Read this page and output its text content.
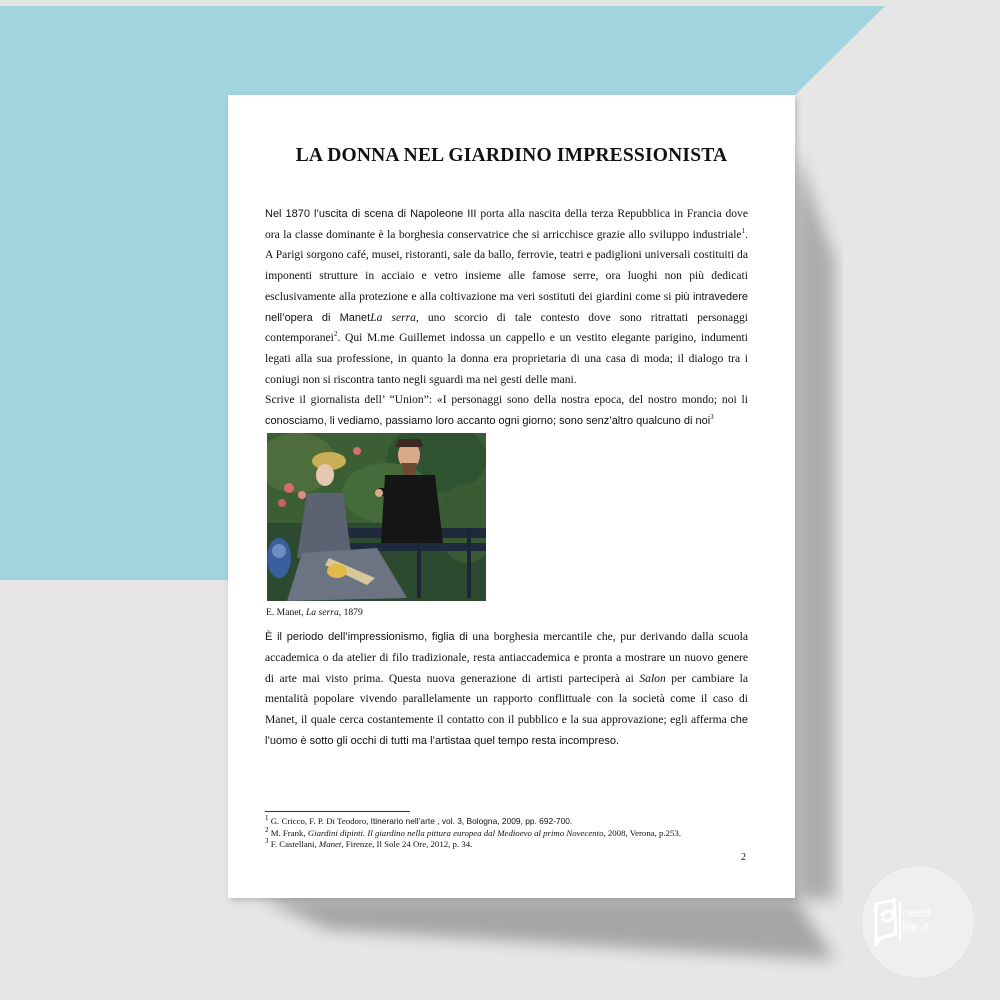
LA DONNA NEL GIARDINO IMPRESSIONISTA

Nel 1870 l’uscita di scena di Napoleone III porta alla nascita della terza Repubblica in Francia dove ora la classe dominante è la borghesia conservatrice che si arricchisce grazie allo sviluppo industriale$^1$. A Parigi sorgono café, musei, ristoranti, sale da ballo, ferrovie, teatri e padiglioni universali costituiti da imponenti strutture in acciaio e vetro insieme alle famose serre, ora luoghi non più dedicati esclusivamente alla protezione e alla coltivazione ma veri sostituti dei giardini come si più intravedere nell’opera di ManetLa serra, uno scorcio di tale contesto dove sono ritrattati personaggi contemporanei$^2$. Qui M.me Guillemet indossa un cappello e un vestito elegante parigino, indumenti legati alla sua professione, in quanto la donna era proprietaria di una casa di moda; il dialogo tra i coniugi non si riscontra tanto negli sguardi ma nei gesti delle mani.

Scrive il giornalista dell’ “Union”: «I personaggi sono della nostra epoca, del nostro mondo; noi li conosciamo, li vediamo, passiamo loro accanto ogni giorno; sono senz’altro qualcuno di noi$^3$

E. Manet, La serra, 1879

È il periodo dell’impressionismo, figlia di una borghesia mercantile che, pur derivando dalla scuola accademica o da atelier di filo tradizionale, resta antiaccademica e pronta a mostrare un nuovo genere di arte mai visto prima. Questa nuova generazione di artisti parteciperà ai Salon per cambiare la mentalità popolare vivendo parallelamente un rapporto conflittuale con la società come il caso di Manet, il quale cerca costantemente il contatto con il pubblico e la sua approvazione; egli afferma che l’uomo è sotto gli occhi di tutti ma l’artistaa quel tempo resta incompreso.

$^1$ G. Cricco, F. P. Di Teodoro, Itinerario nell’arte , vol. 3, Bologna, 2009, pp. 692-700.
$^2$ M. Frank, Giardini dipinti. Il giardino nella pittura europea dal Medioevo al primo Novecento, 2008, Verona, p.253.
$^3$ F. Castellani, Manet, Firenze, Il Sole 24 Ore, 2012, p. 34.
2
need
file.it
